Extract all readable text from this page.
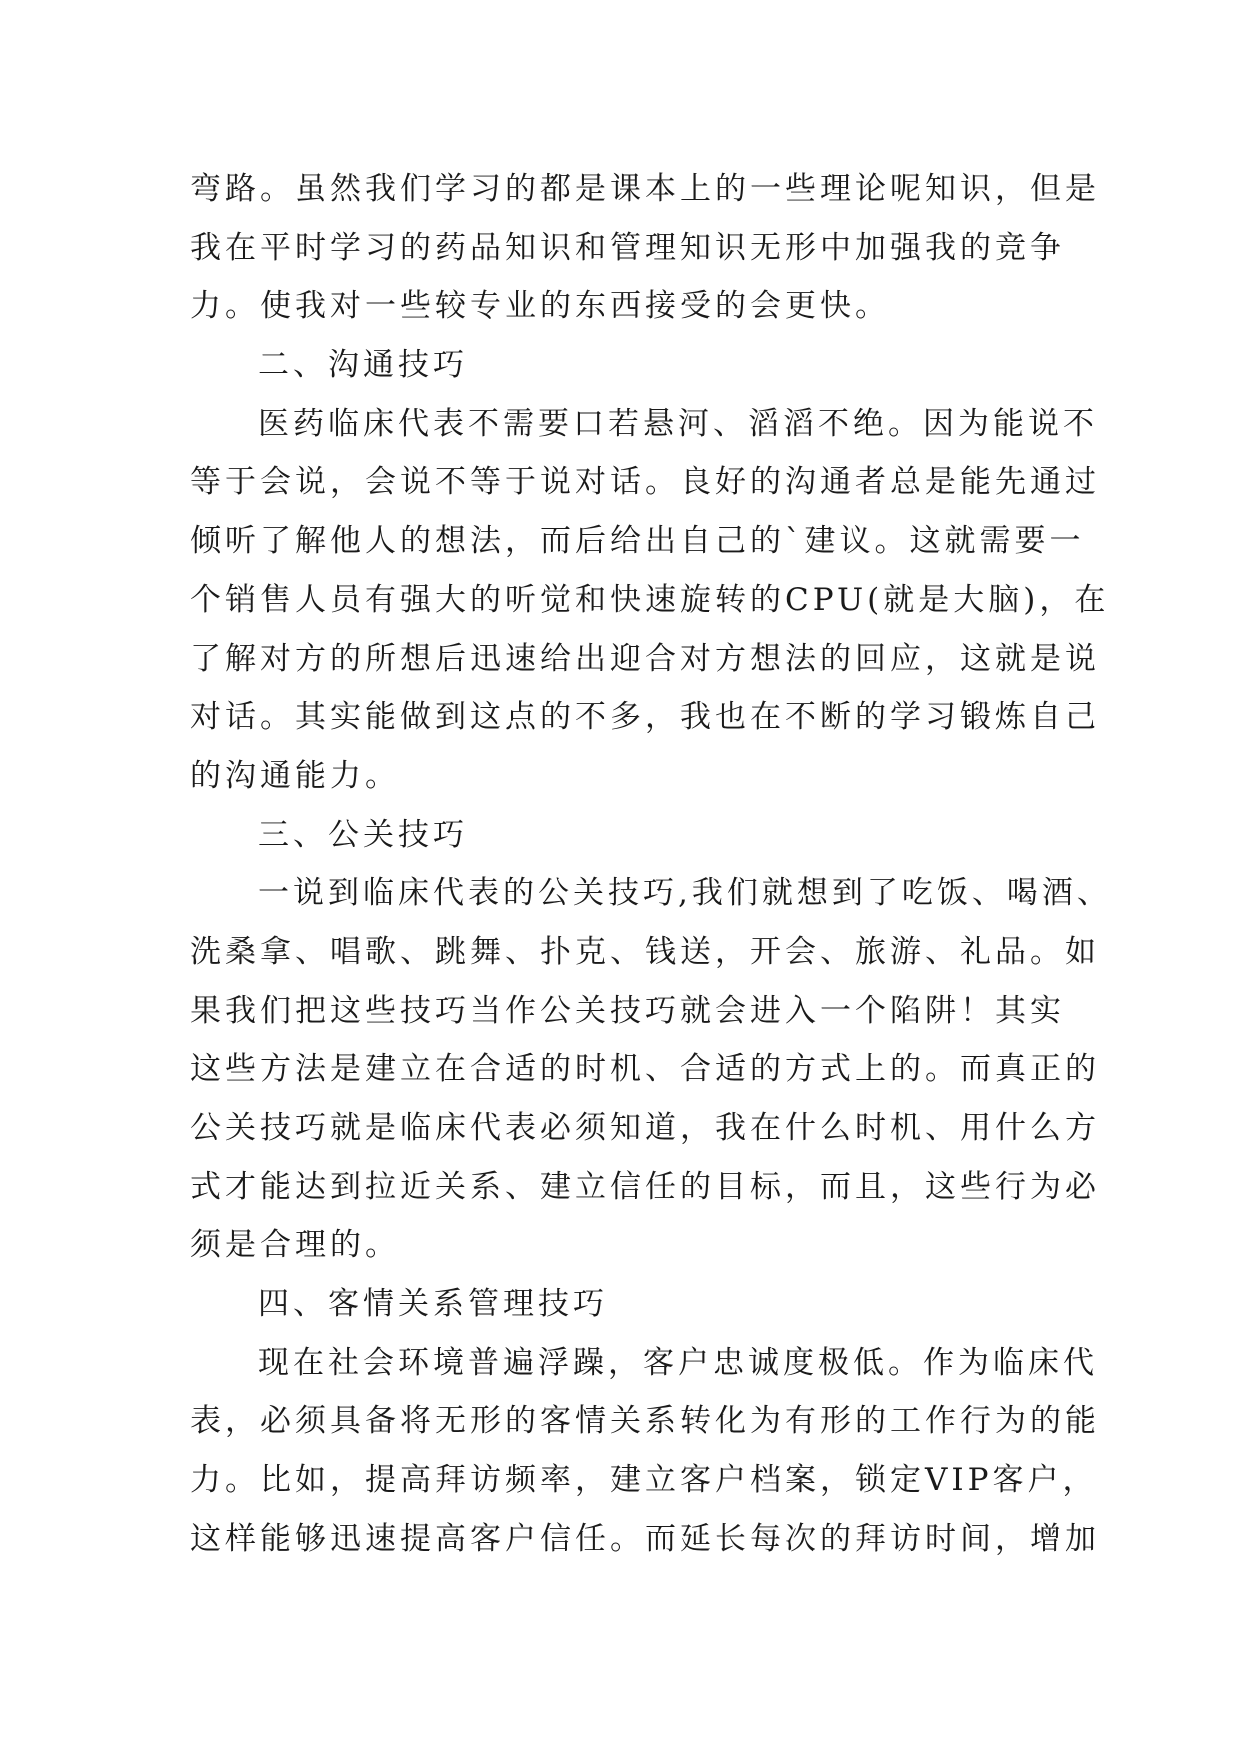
弯路。虽然我们学习的都是课本上的一些理论呢知识，但是
我在平时学习的药品知识和管理知识无形中加强我的竞争
力。使我对一些较专业的东西接受的会更快。

二、沟通技巧

医药临床代表不需要口若悬河、滔滔不绝。因为能说不
等于会说，会说不等于说对话。良好的沟通者总是能先通过
倾听了解他人的想法，而后给出自己的`建议。这就需要一
个销售人员有强大的听觉和快速旋转的CPU(就是大脑)，在
了解对方的所想后迅速给出迎合对方想法的回应，这就是说
对话。其实能做到这点的不多，我也在不断的学习锻炼自己
的沟通能力。

三、公关技巧

一说到临床代表的公关技巧,我们就想到了吃饭、喝酒、
洗桑拿、唱歌、跳舞、扑克、钱送，开会、旅游、礼品。如
果我们把这些技巧当作公关技巧就会进入一个陷阱！其实
这些方法是建立在合适的时机、合适的方式上的。而真正的
公关技巧就是临床代表必须知道，我在什么时机、用什么方
式才能达到拉近关系、建立信任的目标，而且，这些行为必
须是合理的。

四、客情关系管理技巧

现在社会环境普遍浮躁，客户忠诚度极低。作为临床代
表，必须具备将无形的客情关系转化为有形的工作行为的能
力。比如，提高拜访频率，建立客户档案，锁定VIP客户，
这样能够迅速提高客户信任。而延长每次的拜访时间，增加
